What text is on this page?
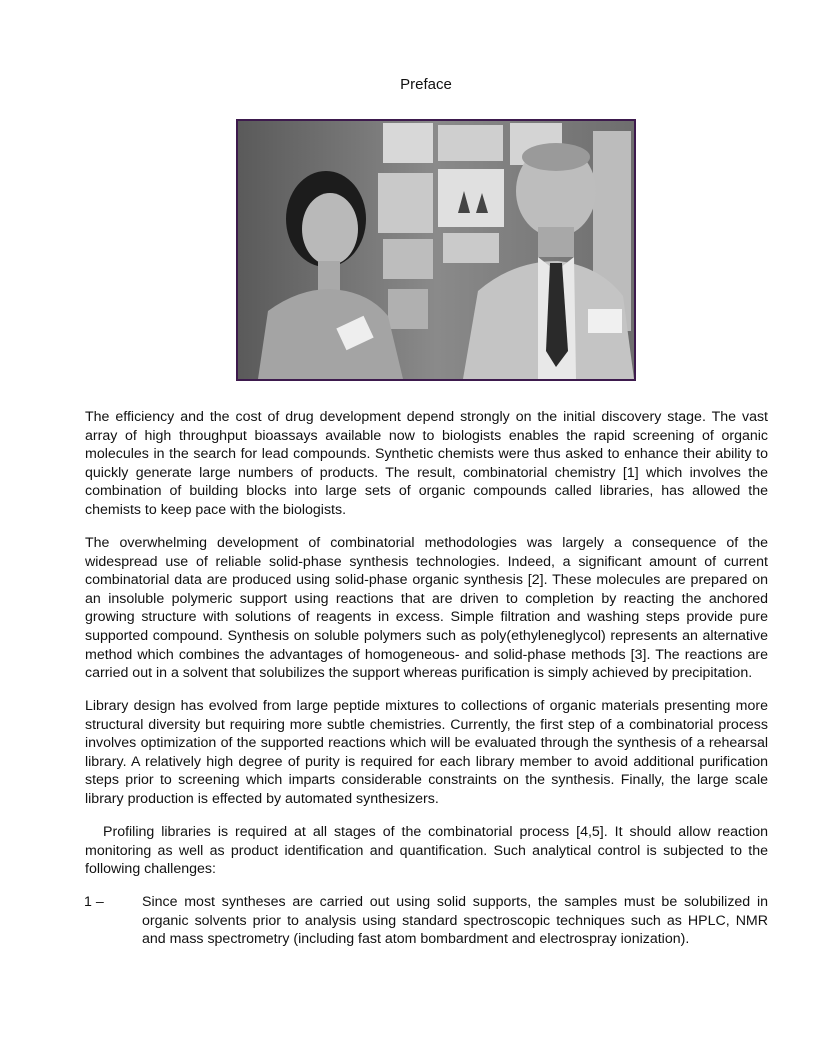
Preface

The efficiency and the cost of drug development depend strongly on the initial discovery stage. The vast array of high throughput bioassays available now to biologists enables the rapid screening of organic molecules in the search for lead compounds. Synthetic chemists were thus asked to enhance their ability to quickly generate large numbers of products. The result, combinatorial chemistry [1] which involves the combination of building blocks into large sets of organic compounds called libraries, has allowed the chemists to keep pace with the biologists.

The overwhelming development of combinatorial methodologies was largely a consequence of the widespread use of reliable solid-phase synthesis technologies. Indeed, a significant amount of current combinatorial data are produced using solid-phase organic synthesis [2]. These molecules are prepared on an insoluble polymeric support using reactions that are driven to completion by reacting the anchored growing structure with solutions of reagents in excess. Simple filtration and washing steps provide pure supported compound. Synthesis on soluble polymers such as poly(ethyleneglycol) represents an alternative method which combines the advantages of homogeneous- and solid-phase methods [3]. The reactions are carried out in a solvent that solubilizes the support whereas purification is simply achieved by precipitation.

Library design has evolved from large peptide mixtures to collections of organic materials presenting more structural diversity but requiring more subtle chemistries. Currently, the first step of a combinatorial process involves optimization of the supported reactions which will be evaluated through the synthesis of a rehearsal library. A relatively high degree of purity is required for each library member to avoid additional purification steps prior to screening which imparts considerable constraints on the synthesis. Finally, the large scale library production is effected by automated synthesizers.

Profiling libraries is required at all stages of the combinatorial process [4,5]. It should allow reaction monitoring as well as product identification and quantification. Such analytical control is subjected to the following challenges:

1 –	Since most syntheses are carried out using solid supports, the samples must be solubilized in organic solvents prior to analysis using standard spectroscopic techniques such as HPLC, NMR and mass spectrometry (including fast atom bombardment and electrospray ionization).
